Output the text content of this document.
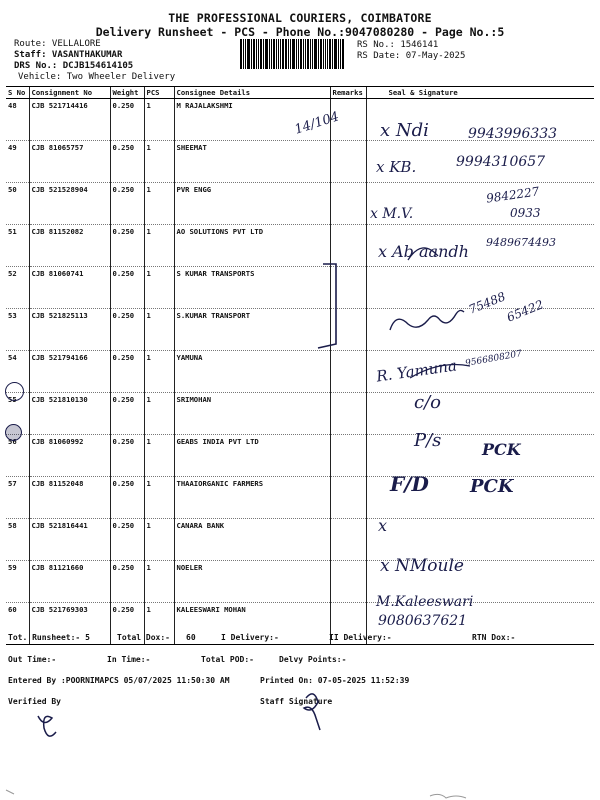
THE PROFESSIONAL COURIERS, COIMBATORE
Delivery Runsheet - PCS - Phone No.:9047080280 - Page No.:5
Route: VELLALORE
Staff: VASANTHAKUMAR
DRS No.: DCJB154614105
Vehicle: Two Wheeler Delivery
RS No.: 1546141
RS Date: 07-May-2025
S No	Consignment No	Weight	PCS	Consignee Details	Remarks	Seal & Signature
48	CJB 521714416	0.250	1	M RAJALAKSHMI		
49	CJB 81065757	0.250	1	SHEEMAT		
50	CJB 521528904	0.250	1	PVR ENGG		
51	CJB 81152082	0.250	1	AO SOLUTIONS PVT LTD		
52	CJB 81060741	0.250	1	S KUMAR TRANSPORTS		
53	CJB 521825113	0.250	1	S.KUMAR TRANSPORT		
54	CJB 521794166	0.250	1	YAMUNA		
55	CJB 521810130	0.250	1	SRIMOHAN		
56	CJB 81060992	0.250	1	GEABS INDIA PVT LTD		
57	CJB 81152048	0.250	1	THAAIORGANIC FARMERS		
58	CJB 521816441	0.250	1	CANARA BANK		
59	CJB 81121660	0.250	1	NOELER		
60	CJB 521769303	0.250	1	KALEESWARI MOHAN		
Tot. Runsheet:- 5	Total Dox:- 60	I Delivery:-	II Delivery:-	RTN Dox:-
Out Time:-	In Time:-	Total POD:-	Delvy Points:-
Entered By :POORNIMAPCS 05/07/2025 11:50:30 AM	Printed On: 07-05-2025 11:52:39
Verified By	Staff Signature
14/104 x Ndi	9943996333
x KB.	9994310657
x M.V.
9842227
0933
x Ab aandh 9489674493
75488
65422
R. Yamuna 9566808207
c/o
P/s	PCK
F/D PCK
x
x NMoule
M.Kaleeswari
9080637621
